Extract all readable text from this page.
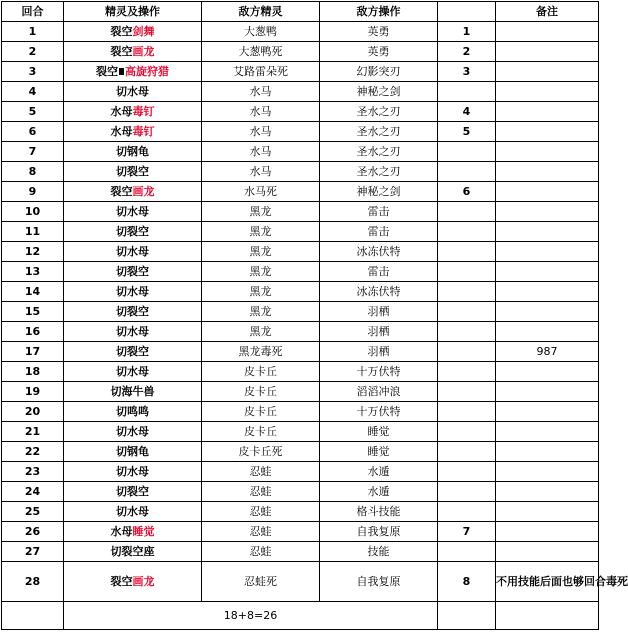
回合	精灵及操作	敌方精灵	敌方操作		备注
1	裂空剑舞	大葱鸭	英勇	1	
2	裂空画龙	大葱鸭死	英勇	2	
3	裂空 高旋狩猎	艾路雷朵死	幻影突刃	3	
4	切水母	水马	神秘之剑		
5	水母毒钉	水马	圣水之刃	4	
6	水母毒钉	水马	圣水之刃	5	
7	切钢龟	水马	圣水之刃		
8	切裂空	水马	圣水之刃		
9	裂空画龙	水马死	神秘之剑	6	
10	切水母	黑龙	雷击		
11	切裂空	黑龙	雷击		
12	切水母	黑龙	冰冻伏特		
13	切裂空	黑龙	雷击		
14	切水母	黑龙	冰冻伏特		
15	切裂空	黑龙	羽栖		
16	切水母	黑龙	羽栖		
17	切裂空	黑龙毒死	羽栖		987
18	切水母	皮卡丘	十万伏特		
19	切海牛兽	皮卡丘	滔滔冲浪		
20	切鸣鸣	皮卡丘	十万伏特		
21	切水母	皮卡丘	睡觉		
22	切钢龟	皮卡丘死	睡觉		
23	切水母	忍蛙	水遁		
24	切裂空	忍蛙	水遁		
25	切水母	忍蛙	格斗技能		
26	水母睡觉	忍蛙	自我复原	7	
27	切裂空座	忍蛙	技能		
28	裂空画龙	忍蛙死	自我复原	8	不用技能后面也够回合毒死
	18+8=26				
